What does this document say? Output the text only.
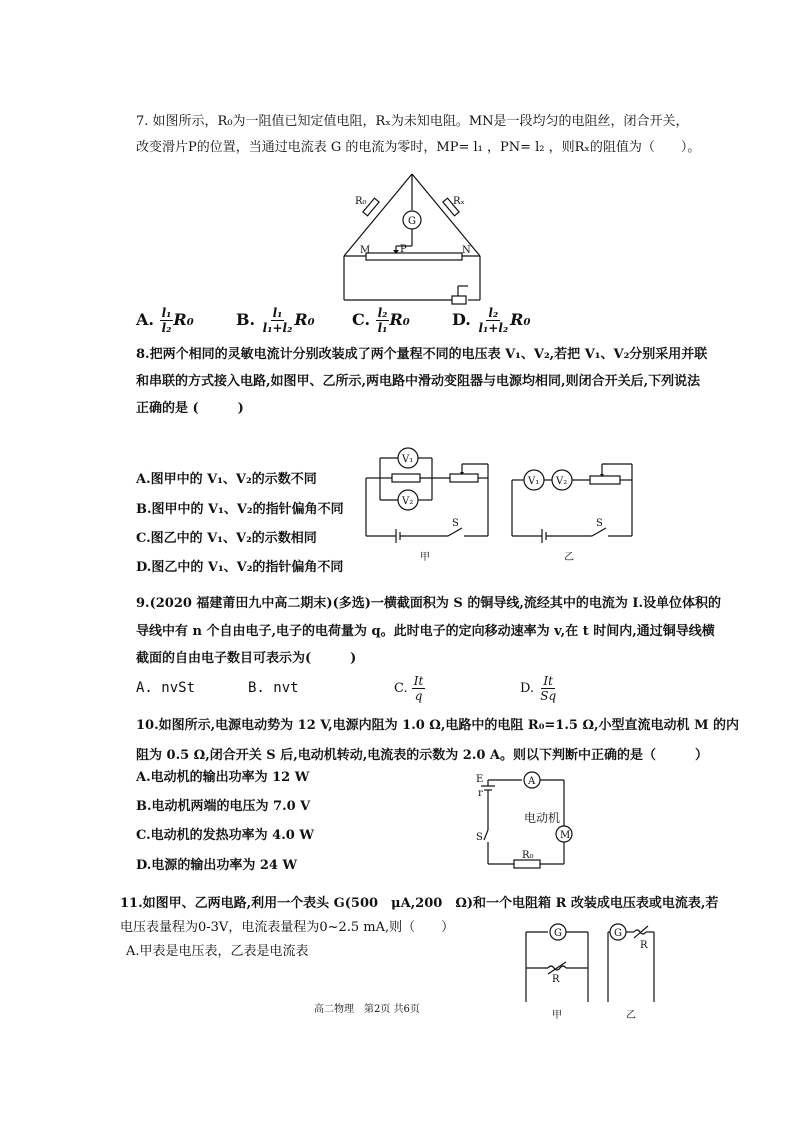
7. 如图所示，R₀为一阻值已知定值电阻，Rₓ为未知电阻。MN是一段均匀的电阻丝，闭合开关，
改变滑片P的位置，当通过电流表 G 的电流为零时，MP= l₁ ，PN= l₂ ，则Rₓ的阻值为（　　）。
R₀	Rₓ
G
M	P	N
A. $\frac{\text{l₁}}{\text{l₂}} R_0$	B. $\frac{\text{l₁}}{\text{l₁+l₂}} R_0$ C. $\frac{\text{l₂}}{\text{l₁}} R_0$	D. $\frac{\text{l₂}}{\text{l₁+l₂}} R_0$
8.把两个相同的灵敏电流计分别改装成了两个量程不同的电压表 V₁、V₂,若把 V₁、V₂分别采用并联
和串联的方式接入电路,如图甲、乙所示,两电路中滑动变阻器与电源均相同,则闭合开关后,下列说法
正确的是 (　　　)
A.图甲中的 V₁、V₂的示数不同
B.图甲中的 V₁、V₂的指针偏角不同
C.图乙中的 V₁、V₂的示数相同
D.图乙中的 V₁、V₂的指针偏角不同
V₁
V₂
S
甲
V₁ V₂
S
乙
9.(2020 福建莆田九中高二期末)(多选)一横截面积为 S 的铜导线,流经其中的电流为 I.设单位体积的
导线中有 n 个自由电子,电子的电荷量为 q。此时电子的定向移动速率为 v,在 t 时间内,通过铜导线横
截面的自由电子数目可表示为(　　　)
A. nvSt	B. nvt	C. $\frac{It}{q}$	D. $\frac{It}{Sq}$
10.如图所示,电源电动势为 12 V,电源内阻为 1.0 Ω,电路中的电阻 R₀=1.5 Ω,小型直流电动机 M 的内
阻为 0.5 Ω,闭合开关 S 后,电动机转动,电流表的示数为 2.0 A。则以下判断中正确的是（　　　）
A.电动机的输出功率为 12 W
B.电动机两端的电压为 7.0 V
C.电动机的发热功率为 4.0 W
D.电源的输出功率为 24 W
E
r
A
电动机
M
S
R₀
11.如图甲、乙两电路,利用一个表头 G(500　μA,200　Ω)和一个电阻箱 R 改装成电压表或电流表,若
电压表量程为0-3V，电流表量程为0~2.5 mA,则（　　）
A.甲表是电压表，乙表是电流表
G
R
甲
G
R
乙
高二物理　第2页 共6页
